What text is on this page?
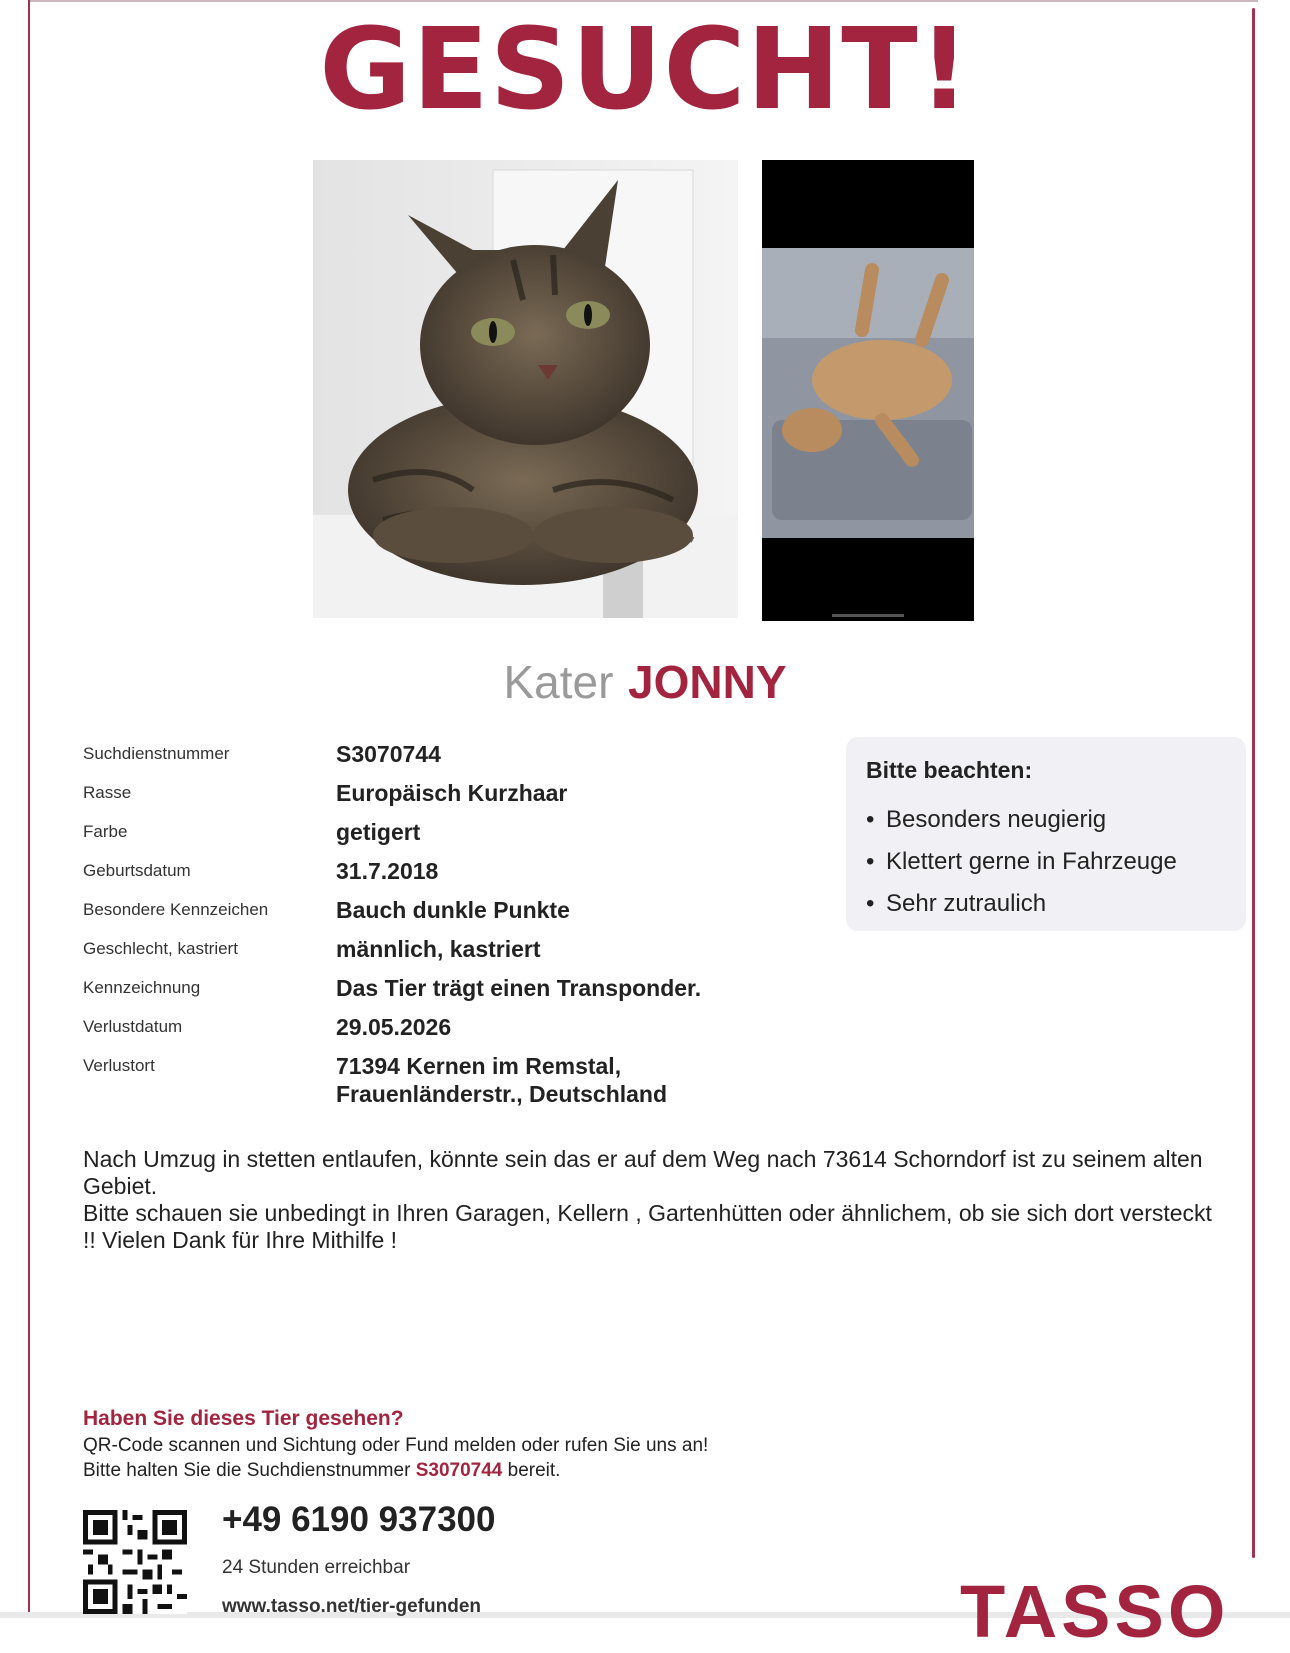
GESUCHT!
Kater JONNY
Suchdienstnummer	S3070744
Rasse	Europäisch Kurzhaar
Farbe	getigert
Geburtsdatum	31.7.2018
Besondere Kennzeichen	Bauch dunkle Punkte
Geschlecht, kastriert	männlich, kastriert
Kennzeichnung	Das Tier trägt einen Transponder.
Verlustdatum	29.05.2026
Verlustort	71394 Kernen im Remstal,
Frauenländerstr., Deutschland
Bitte beachten:
• Besonders neugierig
• Klettert gerne in Fahrzeuge
• Sehr zutraulich

Nach Umzug in stetten entlaufen, könnte sein das er auf dem Weg nach 73614 Schorndorf ist zu seinem alten Gebiet.

Bitte schauen sie unbedingt in Ihren Garagen, Kellern , Gartenhütten oder ähnlichem, ob sie sich dort versteckt !! Vielen Dank für Ihre Mithilfe !

Haben Sie dieses Tier gesehen?
QR-Code scannen und Sichtung oder Fund melden oder rufen Sie uns an!
Bitte halten Sie die Suchdienstnummer S3070744 bereit.
+49 6190 937300
24 Stunden erreichbar
www.tasso.net/tier-gefunden	TASSO
